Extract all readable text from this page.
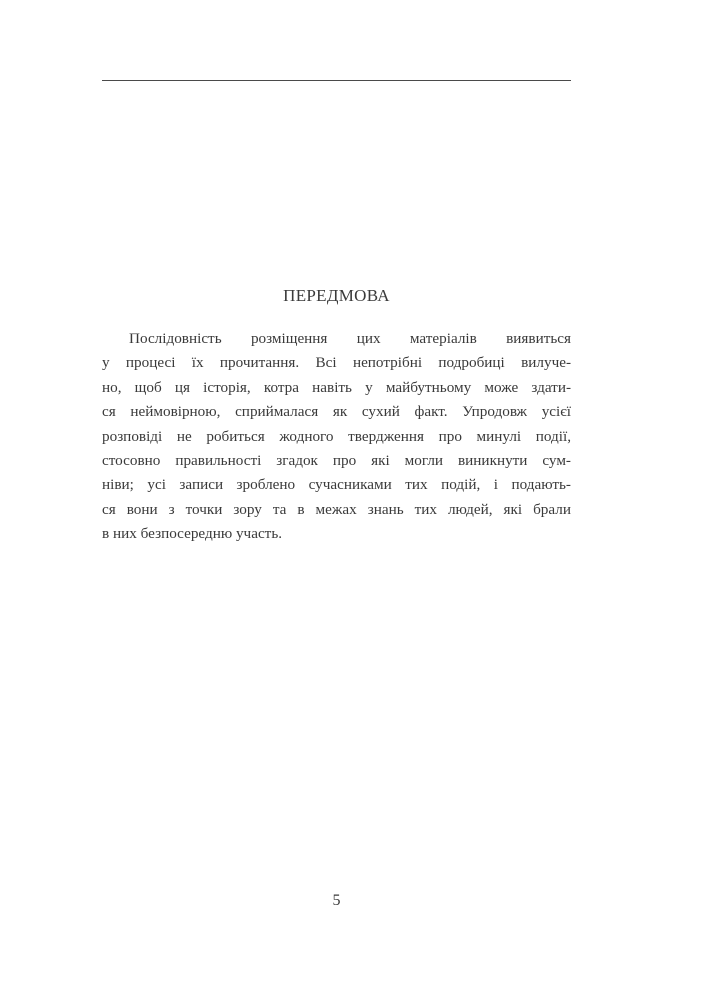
ПЕРЕДМОВА
Послідовність розміщення цих матеріалів виявиться
у процесі їх прочитання. Всі непотрібні подробиці вилуче-
но, щоб ця історія, котра навіть у майбутньому може здати-
ся неймовірною, сприймалася як сухий факт. Упродовж усієї
розповіді не робиться жодного твердження про минулі події,
стосовно правильності згадок про які могли виникнути сум-
ніви; усі записи зроблено сучасниками тих подій, і подають-
ся вони з точки зору та в межах знань тих людей, які брали
в них безпосередню участь.
5
